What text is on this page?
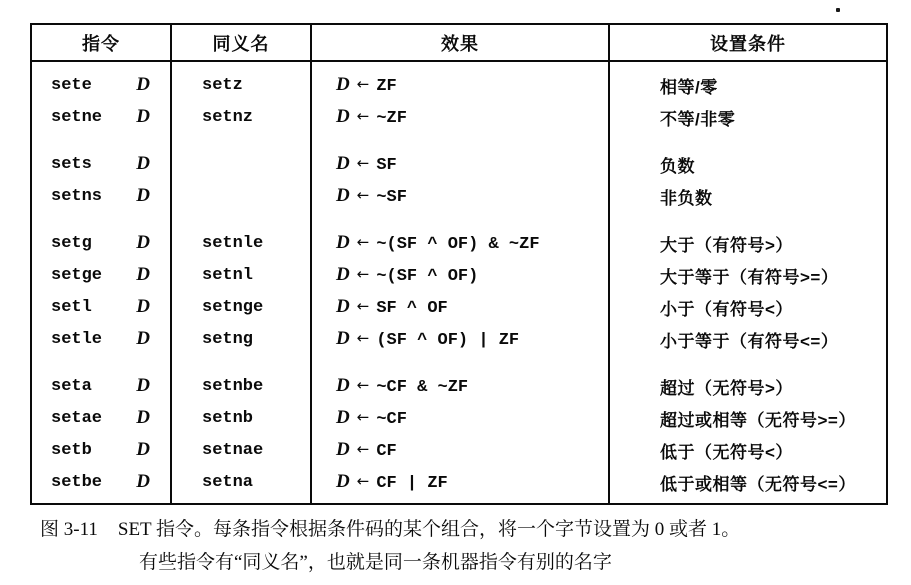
指令	同义名	效果	设置条件

sete D	setz	D ← ZF	相等/零

setne D	setnz	D ← ~ZF	不等/非零

sets D		D ← SF	负数

setns D		D ← ~SF	非负数

setg D	setnle	D ← ~(SF ^ OF) & ~ZF	大于（有符号>）

setge D	setnl	D ← ~(SF ^ OF)	大于等于（有符号>=）

setl D	setnge	D ← SF ^ OF	小于（有符号<）

setle D	setng	D ← (SF ^ OF) | ZF	小于等于（有符号<=）

seta D	setnbe	D ← ~CF & ~ZF	超过（无符号>）

setae D	setnb	D ← ~CF	超过或相等（无符号>=）

setb D	setnae	D ← CF	低于（无符号<）

setbe D	setna	D ← CF | ZF	低于或相等（无符号<=）

图 3-11 SET 指令。每条指令根据条件码的某个组合，将一个字节设置为 0 或者 1。
有些指令有“同义名”，也就是同一条机器指令有别的名字
